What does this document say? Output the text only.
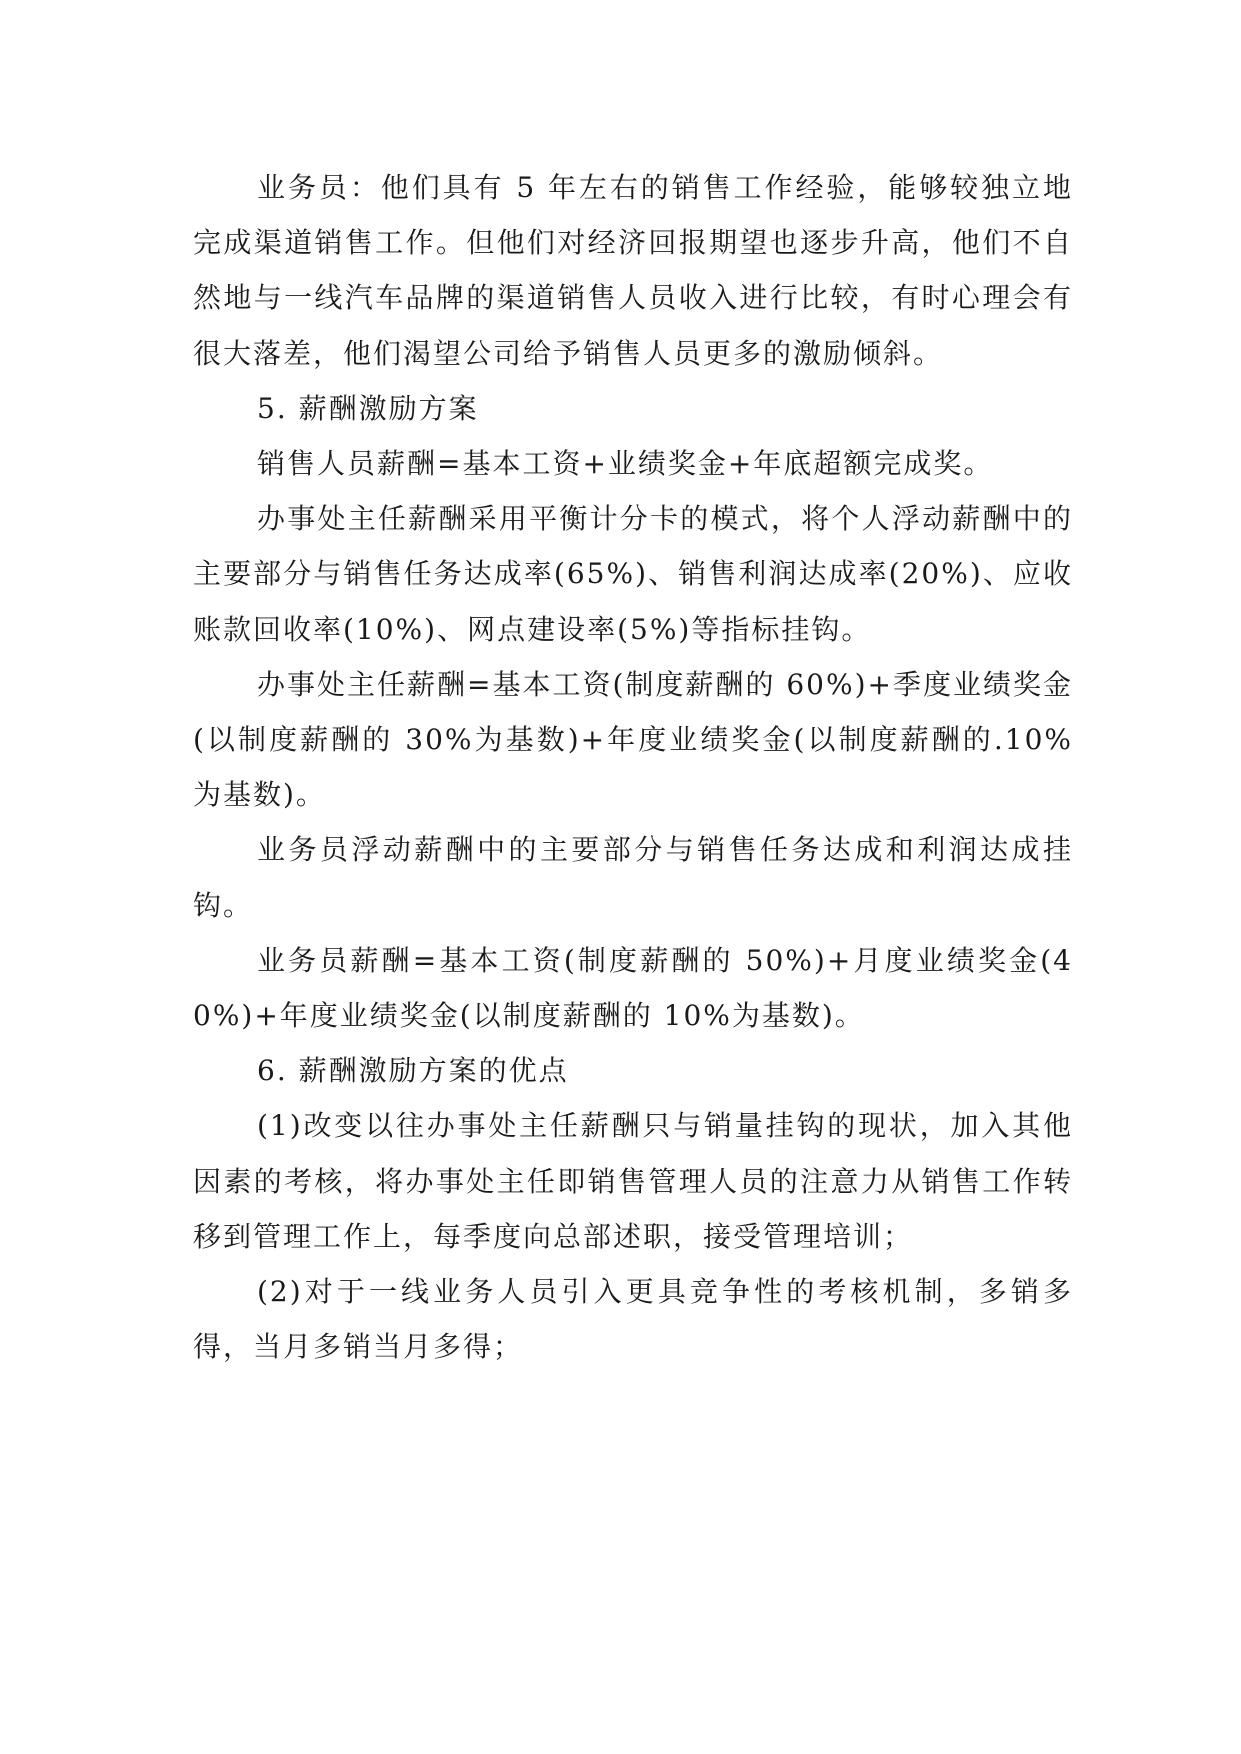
业务员：他们具有 5 年左右的销售工作经验，能够较独立地完成渠道销售工作。但他们对经济回报期望也逐步升高，他们不自然地与一线汽车品牌的渠道销售人员收入进行比较，有时心理会有很大落差，他们渴望公司给予销售人员更多的激励倾斜。

5. 薪酬激励方案

销售人员薪酬=基本工资+业绩奖金+年底超额完成奖。

办事处主任薪酬采用平衡计分卡的模式，将个人浮动薪酬中的主要部分与销售任务达成率(65%)、销售利润达成率(20%)、应收账款回收率(10%)、网点建设率(5%)等指标挂钩。

办事处主任薪酬=基本工资(制度薪酬的 60%)+季度业绩奖金(以制度薪酬的 30%为基数)+年度业绩奖金(以制度薪酬的.10%为基数)。

业务员浮动薪酬中的主要部分与销售任务达成和利润达成挂钩。

业务员薪酬=基本工资(制度薪酬的 50%)+月度业绩奖金(40%)+年度业绩奖金(以制度薪酬的 10%为基数)。

6. 薪酬激励方案的优点

(1)改变以往办事处主任薪酬只与销量挂钩的现状，加入其他因素的考核，将办事处主任即销售管理人员的注意力从销售工作转移到管理工作上，每季度向总部述职，接受管理培训；

(2)对于一线业务人员引入更具竞争性的考核机制，多销多得，当月多销当月多得；
